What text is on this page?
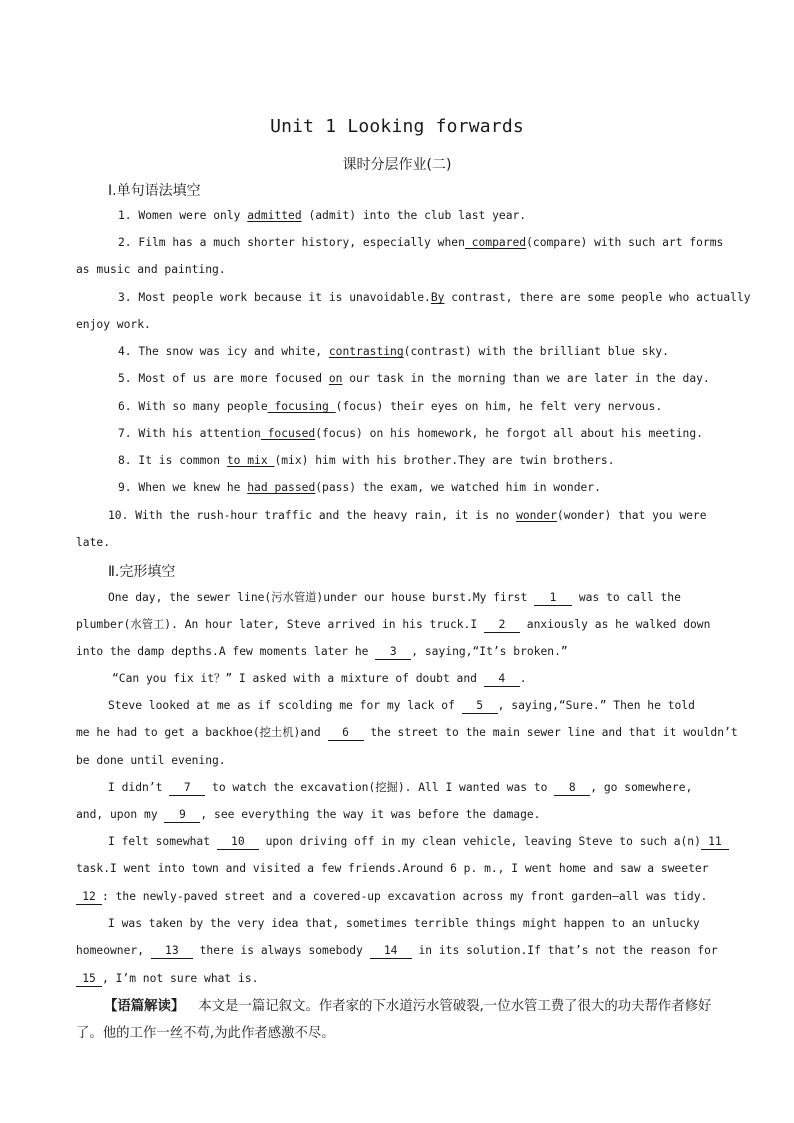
Unit 1 Looking forwards
课时分层作业(二)
Ⅰ.单句语法填空
1. Women were only admitted (admit) into the club last year.
2. Film has a much shorter history, especially when compared(compare) with such art forms
as music and painting.
3. Most people work because it is unavoidable.By contrast, there are some people who actually
enjoy work.
4. The snow was icy and white, contrasting(contrast) with the brilliant blue sky.
5. Most of us are more focused on our task in the morning than we are later in the day.
6. With so many people focusing (focus) their eyes on him, he felt very nervous.
7. With his attention focused(focus) on his homework, he forgot all about his meeting.
8. It is common to mix (mix) him with his brother.They are twin brothers.
9. When we knew he had passed(pass) the exam, we watched him in wonder.
10. With the rush-hour traffic and the heavy rain, it is no wonder(wonder) that you were
late.
Ⅱ.完形填空
One day, the sewer line(污水管道)under our house burst.My first 1 was to call the
plumber(水管工). An hour later, Steve arrived in his truck.I 2 anxiously as he walked down
into the damp depths.A few moments later he 3 , saying,“It’s broken.”
“Can you fix it？” I asked with a mixture of doubt and 4 .
Steve looked at me as if scolding me for my lack of 5 , saying,“Sure.” Then he told
me he had to get a backhoe(挖土机)and 6 the street to the main sewer line and that it wouldn’t
be done until evening.
I didn’t 7 to watch the excavation(挖掘). All I wanted was to 8 , go somewhere,
and, upon my 9 , see everything the way it was before the damage.
I felt somewhat 10 upon driving off in my clean vehicle, leaving Steve to such a(n) 11
task.I went into town and visited a few friends.Around 6 p. m., I went home and saw a sweeter
12 : the newly-paved street and a covered-up excavation across my front garden—all was tidy.
I was taken by the very idea that, sometimes terrible things might happen to an unlucky
homeowner, 13 there is always somebody 14 in its solution.If that’s not the reason for
15 , I’m not sure what is.
【语篇解读】 本文是一篇记叙文。作者家的下水道污水管破裂,一位水管工费了很大的功夫帮作者修好了。他的工作一丝不苟,为此作者感激不尽。
